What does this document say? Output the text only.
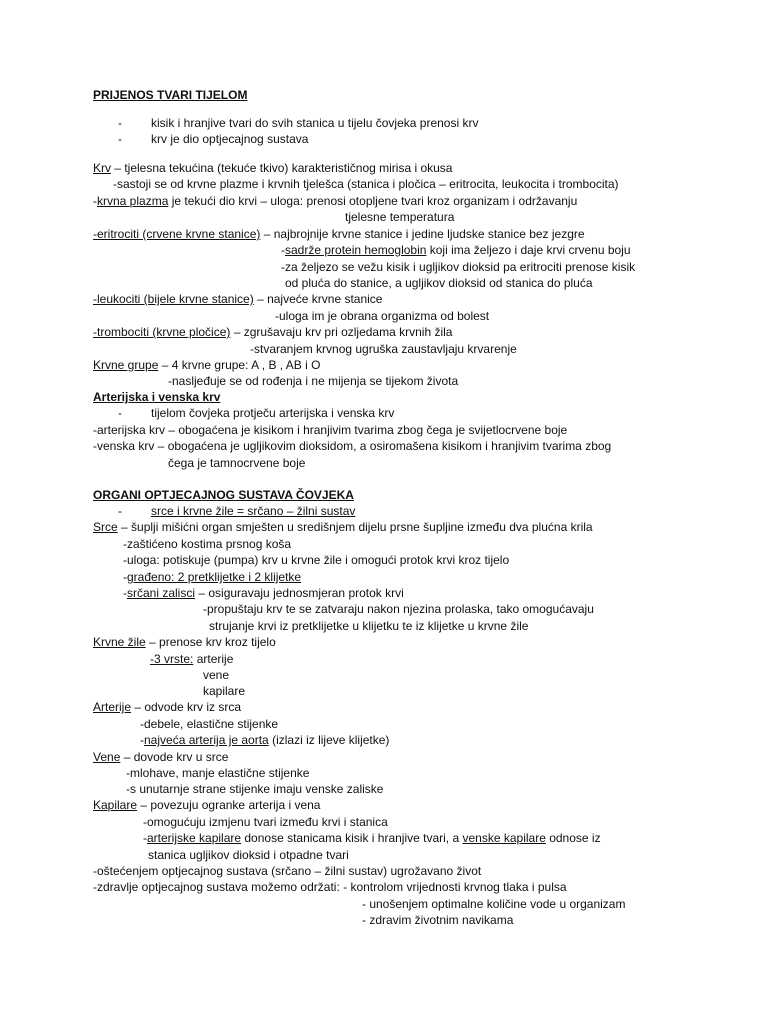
PRIJENOS TVARI TIJELOM
- kisik i hranjive tvari do svih stanica u tijelu čovjeka prenosi krv
- krv je dio optjecajnog sustava
Krv – tjelesna tekućina (tekuće tkivo) karakterističnog mirisa i okusa
-sastoji se od krvne plazme i krvnih tjelešca (stanica i pločica – eritrocita, leukocita i trombocita)
-krvna plazma je tekući dio krvi – uloga: prenosi otopljene tvari kroz organizam i održavanju
tjelesne temperatura
-eritrociti (crvene krvne stanice) – najbrojnije krvne stanice i jedine ljudske stanice bez jezgre
-sadrže protein hemoglobin koji ima željezo i daje krvi crvenu boju
-za željezo se vežu kisik i ugljikov dioksid pa eritrociti prenose kisik
od pluća do stanice, a ugljikov dioksid od stanica do pluća
-leukociti (bijele krvne stanice) – najveće krvne stanice
-uloga im je obrana organizma od bolest
-trombociti (krvne pločice) – zgrušavaju krv pri ozljedama krvnih žila
-stvaranjem krvnog ugruška zaustavljaju krvarenje
Krvne grupe – 4 krvne grupe: A , B , AB i O
-nasljeđuje se od rođenja i ne mijenja se tijekom života
Arterijska i venska krv
- tijelom čovjeka protječu arterijska i venska krv
-arterijska krv – obogaćena je kisikom i hranjivim tvarima zbog čega je svijetlocrvene boje
-venska krv – obogaćena je ugljikovim dioksidom, a osiromašena kisikom i hranjivim tvarima zbog
čega je tamnocrvene boje
ORGANI OPTJECAJNOG SUSTAVA ČOVJEKA
- srce i krvne žile = srčano – žilni sustav
Srce – šuplji mišićni organ smješten u središnjem dijelu prsne šupljine između dva plućna krila
-zaštićeno kostima prsnog koša
-uloga: potiskuje (pumpa) krv u krvne žile i omogući protok krvi kroz tijelo
-građeno: 2 pretklijetke i 2 klijetke
-srčani zalisci – osiguravaju jednosmjeran protok krvi
-propuštaju krv te se zatvaraju nakon njezina prolaska, tako omogućavaju
strujanje krvi iz pretklijetke u klijetku te iz klijetke u krvne žile
Krvne žile – prenose krv kroz tijelo
-3 vrste: arterije
vene
kapilare
Arterije – odvode krv iz srca
-debele, elastične stijenke
-najveća arterija je aorta (izlazi iz lijeve klijetke)
Vene – dovode krv u srce
-mlohave, manje elastične stijenke
-s unutarnje strane stijenke imaju venske zaliske
Kapilare – povezuju ogranke arterija i vena
-omogućuju izmjenu tvari između krvi i stanica
-arterijske kapilare donose stanicama kisik i hranjive tvari, a venske kapilare odnose iz
stanica ugljikov dioksid i otpadne tvari
-oštećenjem optjecajnog sustava (srčano – žilni sustav) ugrožavano život
-zdravlje optjecajnog sustava možemo održati: - kontrolom vrijednosti krvnog tlaka i pulsa
- unošenjem optimalne količine vode u organizam
- zdravim životnim navikama
